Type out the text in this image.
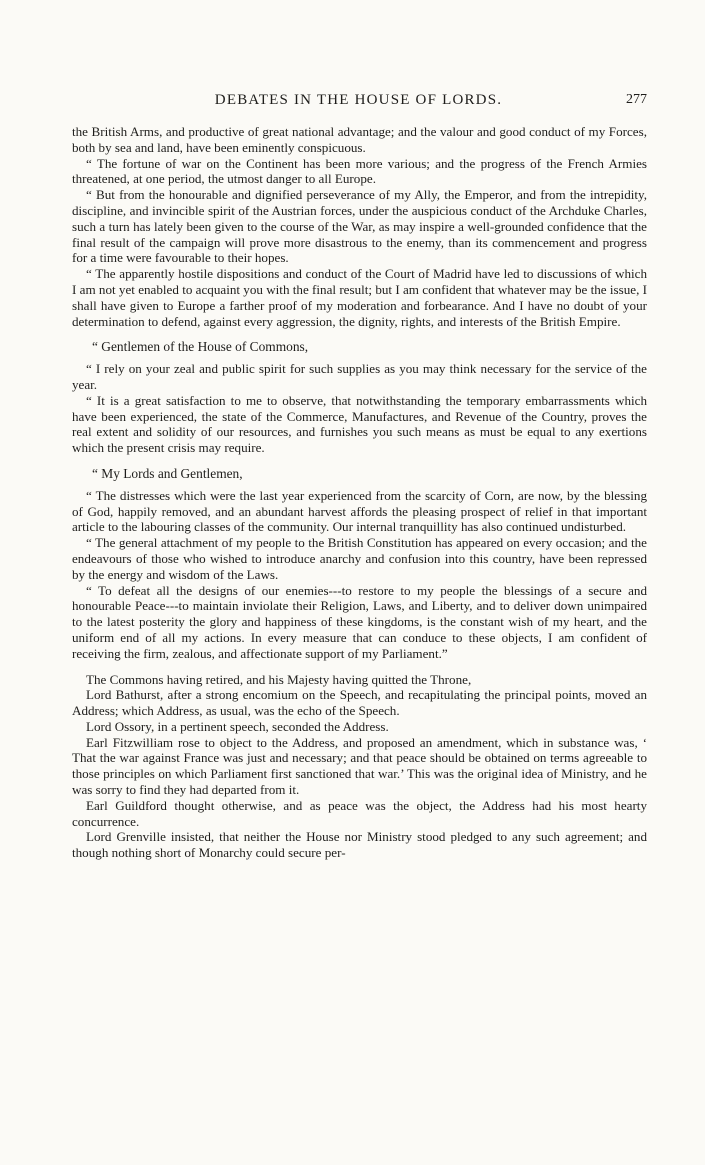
DEBATES IN THE HOUSE OF LORDS.	277

the British Arms, and productive of great national advantage; and the valour and good conduct of my Forces, both by sea and land, have been eminently conspicuous.

“ The fortune of war on the Continent has been more various; and the progress of the French Armies threatened, at one period, the utmost danger to all Europe.

“ But from the honourable and dignified perseverance of my Ally, the Emperor, and from the intrepidity, discipline, and invincible spirit of the Austrian forces, under the auspicious conduct of the Archduke Charles, such a turn has lately been given to the course of the War, as may inspire a well-grounded confidence that the final result of the campaign will prove more disastrous to the enemy, than its commencement and progress for a time were favourable to their hopes.

“ The apparently hostile dispositions and conduct of the Court of Madrid have led to discussions of which I am not yet enabled to acquaint you with the final result; but I am confident that whatever may be the issue, I shall have given to Europe a farther proof of my moderation and forbearance. And I have no doubt of your determination to defend, against every aggression, the dignity, rights, and interests of the British Empire.

“ Gentlemen of the House of Commons,

“ I rely on your zeal and public spirit for such supplies as you may think necessary for the service of the year.

“ It is a great satisfaction to me to observe, that notwithstanding the temporary embarrassments which have been experienced, the state of the Commerce, Manufactures, and Revenue of the Country, proves the real extent and solidity of our resources, and furnishes you such means as must be equal to any exertions which the present crisis may require.

“ My Lords and Gentlemen,

“ The distresses which were the last year experienced from the scarcity of Corn, are now, by the blessing of God, happily removed, and an abundant harvest affords the pleasing prospect of relief in that important article to the labouring classes of the community. Our internal tranquillity has also continued undisturbed.

“ The general attachment of my people to the British Constitution has appeared on every occasion; and the endeavours of those who wished to introduce anarchy and confusion into this country, have been repressed by the energy and wisdom of the Laws.

“ To defeat all the designs of our enemies---to restore to my people the blessings of a secure and honourable Peace---to maintain inviolate their Religion, Laws, and Liberty, and to deliver down unimpaired to the latest posterity the glory and happiness of these kingdoms, is the constant wish of my heart, and the uniform end of all my actions. In every measure that can conduce to these objects, I am confident of receiving the firm, zealous, and affectionate support of my Parliament.”

The Commons having retired, and his Majesty having quitted the Throne,

Lord Bathurst, after a strong encomium on the Speech, and recapitulating the principal points, moved an Address; which Address, as usual, was the echo of the Speech.

Lord Ossory, in a pertinent speech, seconded the Address.

Earl Fitzwilliam rose to object to the Address, and proposed an amendment, which in substance was, ‘ That the war against France was just and necessary; and that peace should be obtained on terms agreeable to those principles on which Parliament first sanctioned that war.’ This was the original idea of Ministry, and he was sorry to find they had departed from it.

Earl Guildford thought otherwise, and as peace was the object, the Address had his most hearty concurrence.

Lord Grenville insisted, that neither the House nor Ministry stood pledged to any such agreement; and though nothing short of Monarchy could secure per-
